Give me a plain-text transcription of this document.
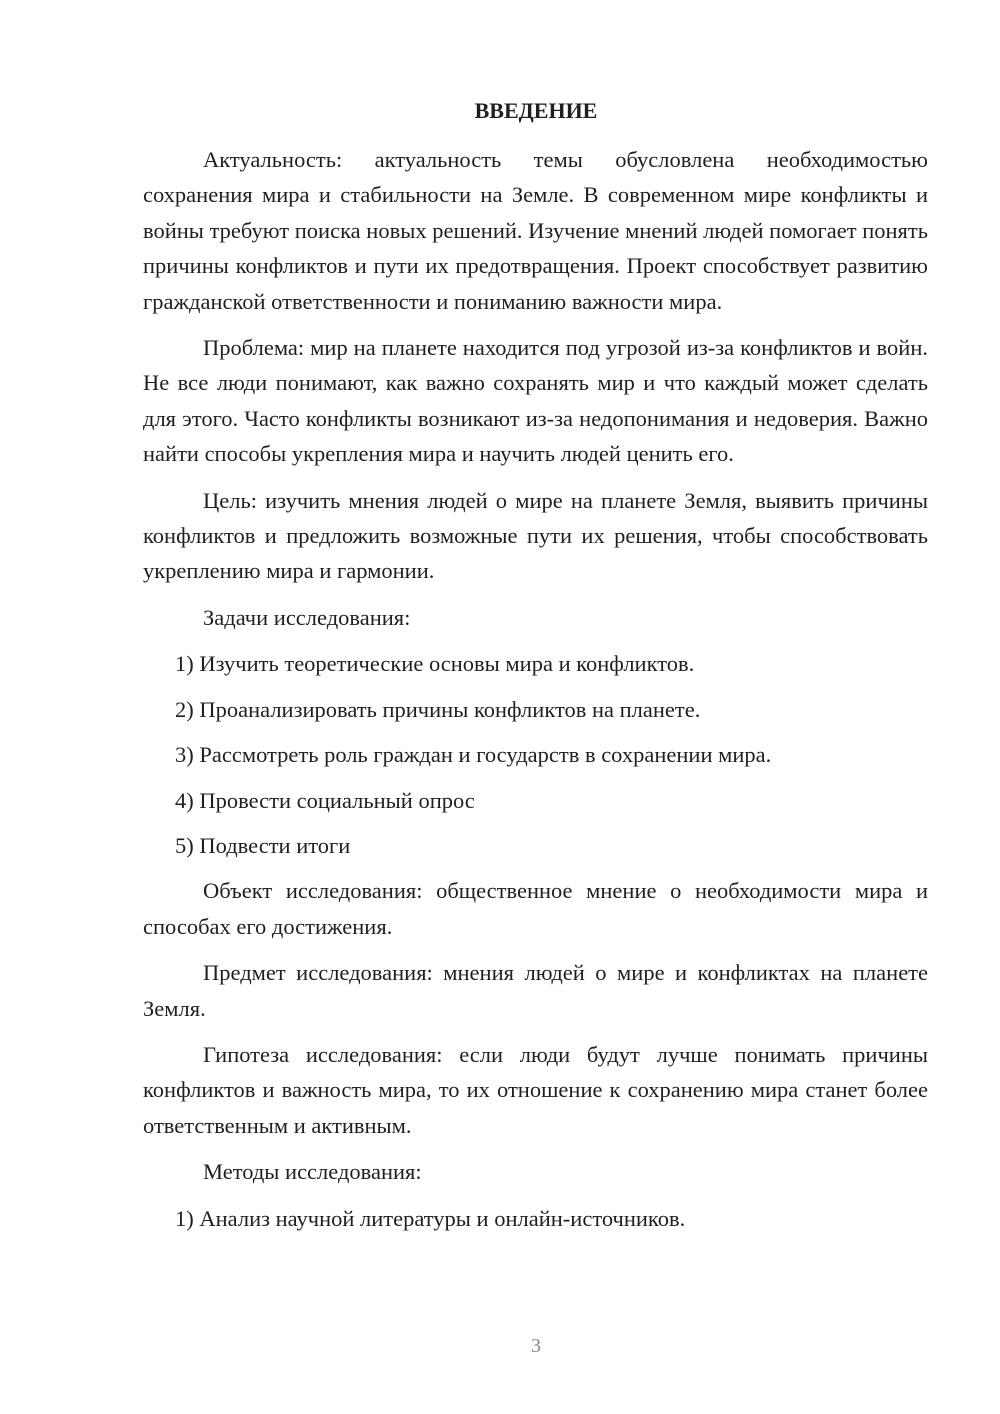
ВВЕДЕНИЕ

Актуальность: актуальность темы обусловлена необходимостью сохранения мира и стабильности на Земле. В современном мире конфликты и войны требуют поиска новых решений. Изучение мнений людей помогает понять причины конфликтов и пути их предотвращения. Проект способствует развитию гражданской ответственности и пониманию важности мира.

Проблема: мир на планете находится под угрозой из-за конфликтов и войн. Не все люди понимают, как важно сохранять мир и что каждый может сделать для этого. Часто конфликты возникают из-за недопонимания и недоверия. Важно найти способы укрепления мира и научить людей ценить его.

Цель: изучить мнения людей о мире на планете Земля, выявить причины конфликтов и предложить возможные пути их решения, чтобы способствовать укреплению мира и гармонии.

Задачи исследования:

1) Изучить теоретические основы мира и конфликтов.
2) Проанализировать причины конфликтов на планете.
3) Рассмотреть роль граждан и государств в сохранении мира.
4) Провести социальный опрос
5) Подвести итоги

Объект исследования: общественное мнение о необходимости мира и способах его достижения.

Предмет исследования: мнения людей о мире и конфликтах на планете Земля.

Гипотеза исследования: если люди будут лучше понимать причины конфликтов и важность мира, то их отношение к сохранению мира станет более ответственным и активным.

Методы исследования:

1) Анализ научной литературы и онлайн-источников.
3
